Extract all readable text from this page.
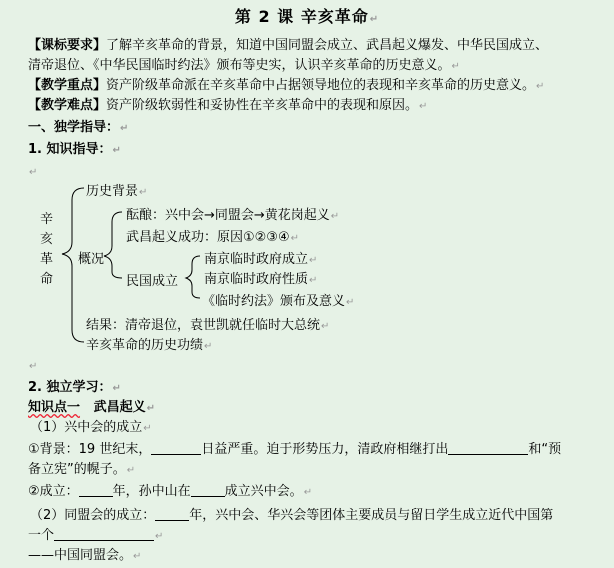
第 2 课 辛亥革命↵
【课标要求】了解辛亥革命的背景，知道中国同盟会成立、武昌起义爆发、中华民国成立、
清帝退位、《中华民国临时约法》颁布等史实，认识辛亥革命的历史意义。↵
【教学重点】资产阶级革命派在辛亥革命中占据领导地位的表现和辛亥革命的历史意义。↵
【教学难点】资产阶级软弱性和妥协性在辛亥革命中的表现和原因。↵
一、独学指导：↵
1. 知识指导：↵
↵
辛
亥
革
命
历史背景↵
概况
酝酿：兴中会→同盟会→黄花岗起义↵
武昌起义成功：原因①②③④↵
民国成立
南京临时政府成立↵
南京临时政府性质↵
《临时约法》颁布及意义↵
结果：清帝退位，袁世凯就任临时大总统↵
辛亥革命的历史功绩↵
↵
2. 独立学习：↵
知识点一 武昌起义↵
（1）兴中会的成立↵
①背景：19 世纪末，	日益严重。迫于形势压力，清政府相继打出	和“预
备立宪”的幌子。↵
②成立：	年，孙中山在	成立兴中会。↵
（2）同盟会的成立：	年，兴中会、华兴会等团体主要成员与留日学生成立近代中国第
一个	↵
——中国同盟会。↵
